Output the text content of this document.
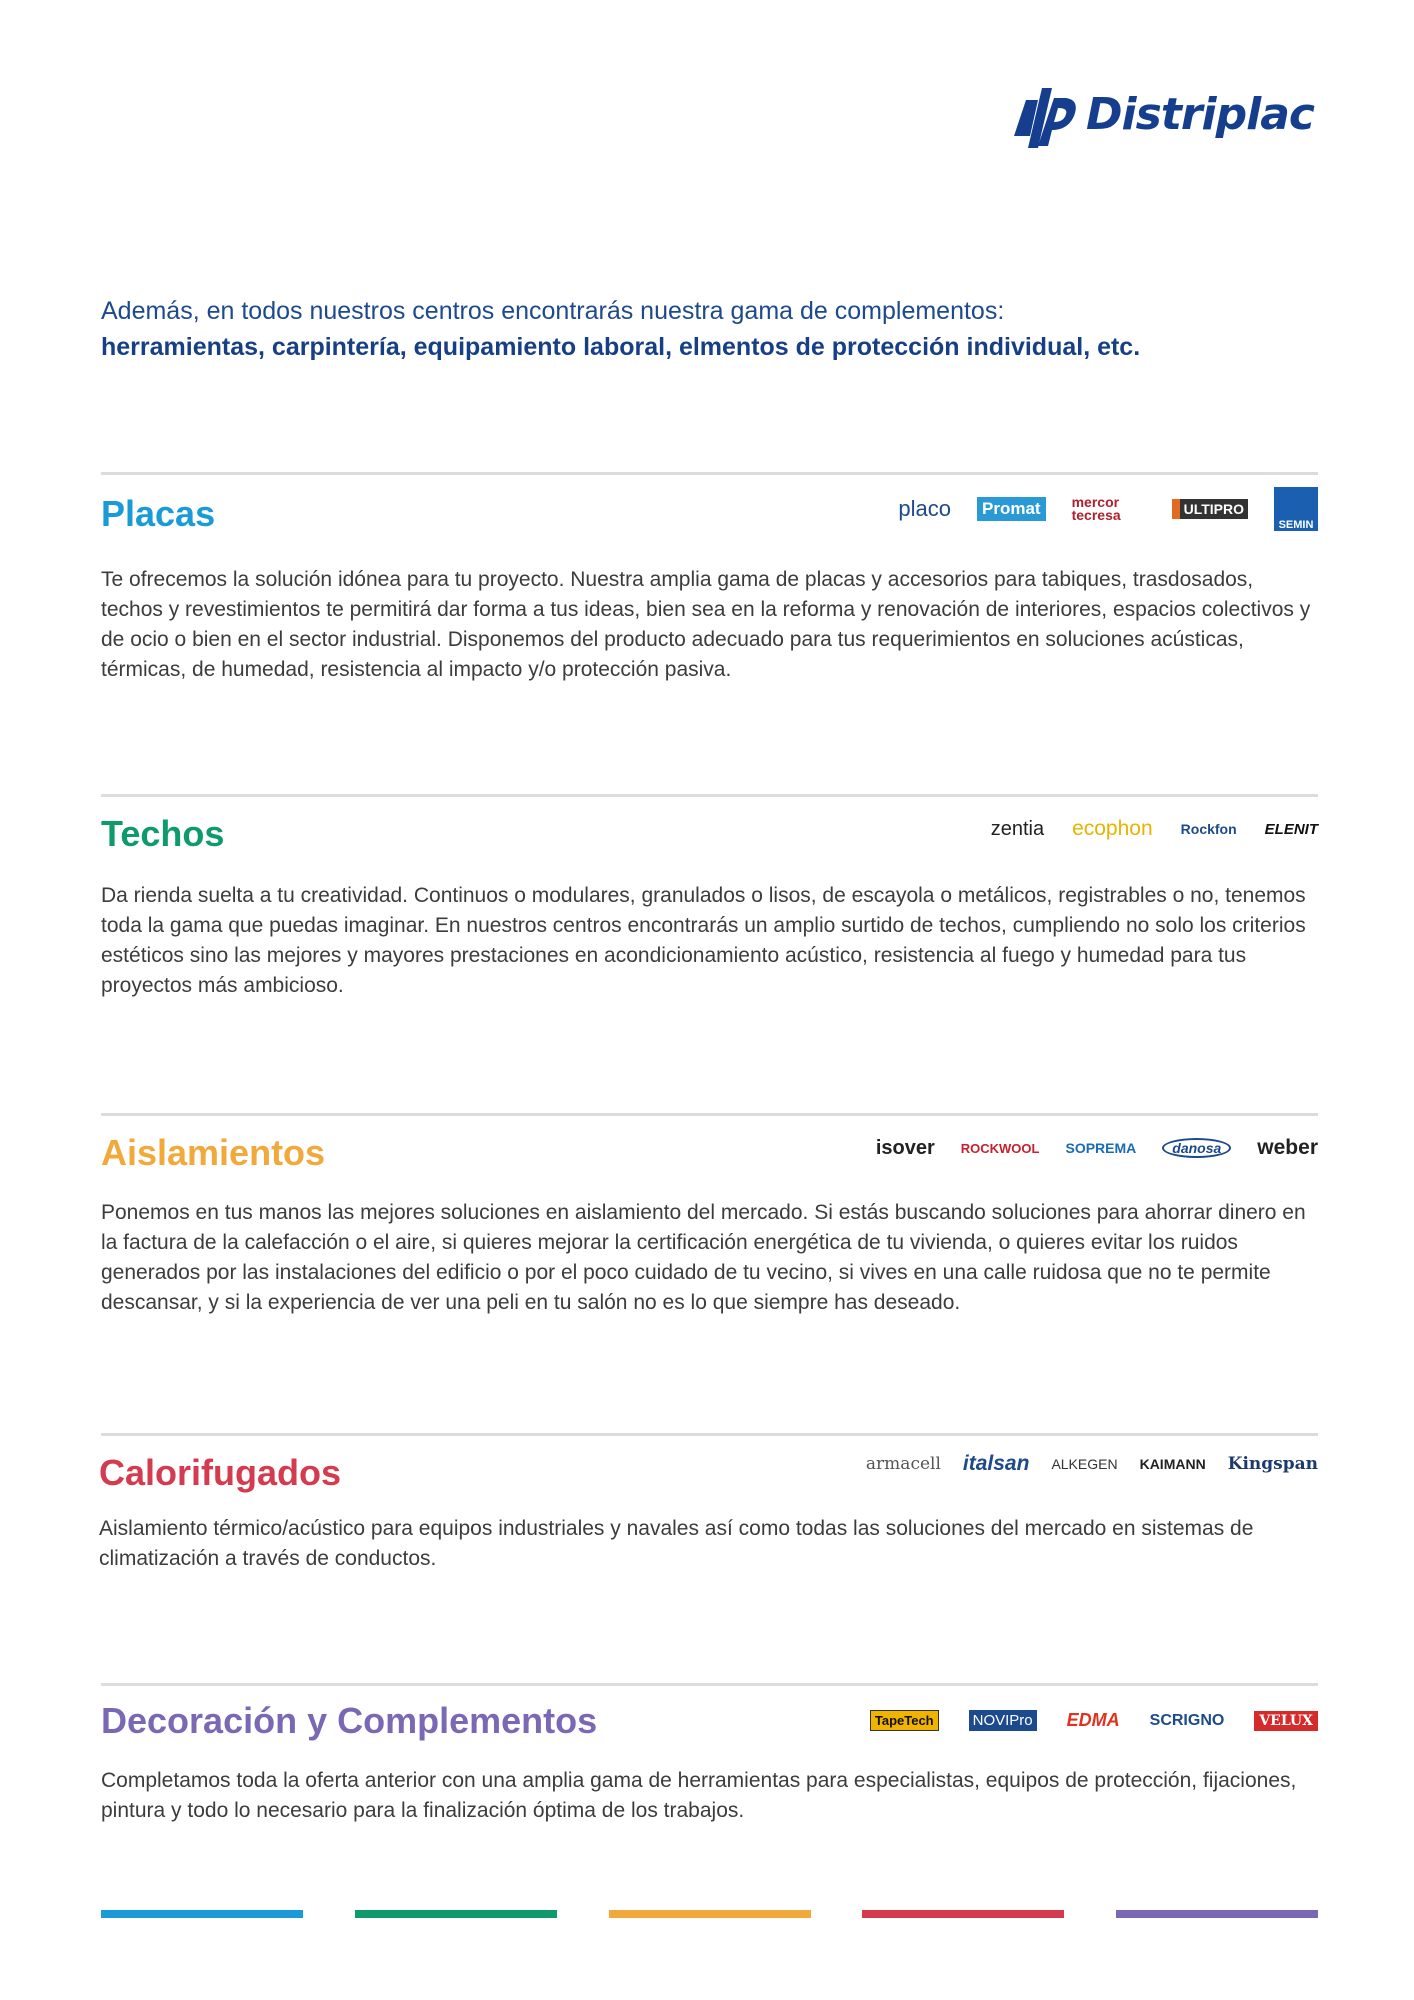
Distriplac
Además, en todos nuestros centros encontrarás nuestra gama de complementos:
herramientas, carpintería, equipamiento laboral, elmentos de protección individual, etc.
Placas	placo Promat	mercor tecresa	ULTIPRO
SEMIN

Te ofrecemos la solución idónea para tu proyecto. Nuestra amplia gama de placas y accesorios para tabiques, trasdosados, techos y revestimientos te permitirá dar forma a tus ideas, bien sea en la reforma y renovación de interiores, espacios colectivos y de ocio o bien en el sector industrial. Disponemos del producto adecuado para tus requerimientos en soluciones acústicas, térmicas, de humedad, resistencia al impacto y/o protección pasiva.

Techos	zentia ecophon Rockfon ELENIT

Da rienda suelta a tu creatividad. Continuos o modulares, granulados o lisos, de escayola o metálicos, registrables o no, tenemos toda la gama que puedas imaginar. En nuestros centros encontrarás un amplio surtido de techos, cumpliendo no solo los criterios estéticos sino las mejores y mayores prestaciones en acondicionamiento acústico, resistencia al fuego y humedad para tus proyectos más ambicioso.

Aislamientos	isover ROCKWOOL SOPREMA	danosa	weber

Ponemos en tus manos las mejores soluciones en aislamiento del mercado. Si estás buscando soluciones para ahorrar dinero en la factura de la calefacción o el aire, si quieres mejorar la certificación energética de tu vivienda, o quieres evitar los ruidos generados por las instalaciones del edificio o por el poco cuidado de tu vecino, si vives en una calle ruidosa que no te permite descansar, y si la experiencia de ver una peli en tu salón no es lo que siempre has deseado.

Calorifugados	armacell italsan ALKEGEN KAIMANN Kingspan

Aislamiento térmico/acústico para equipos industriales y navales así como todas las soluciones del mercado en sistemas de climatización a través de conductos.

Decoración y Complementos	TapeTech	NOVIPro EDMA SCRIGNO	VELUX

Completamos toda la oferta anterior con una amplia gama de herramientas para especialistas, equipos de protección, fijaciones, pintura y todo lo necesario para la finalización óptima de los trabajos.
